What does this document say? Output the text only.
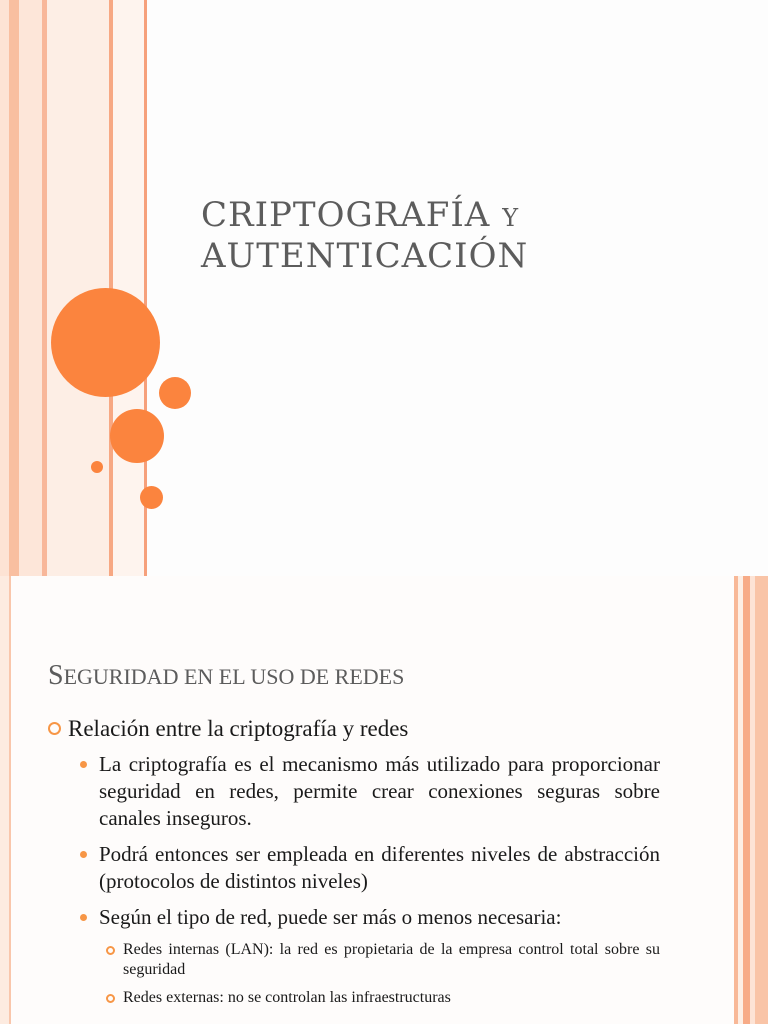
CRIPTOGRAFÍA Y
AUTENTICACIÓN
SEGURIDAD EN EL USO DE REDES
Relación entre la criptografía y redes
La criptografía es el mecanismo más utilizado para proporcionar seguridad en redes, permite crear conexiones seguras sobre canales inseguros.
Podrá entonces ser empleada en diferentes niveles de abstracción (protocolos de distintos niveles)
Según el tipo de red, puede ser más o menos necesaria:
Redes internas (LAN): la red es propietaria de la empresa control total sobre su seguridad
Redes externas: no se controlan las infraestructuras
